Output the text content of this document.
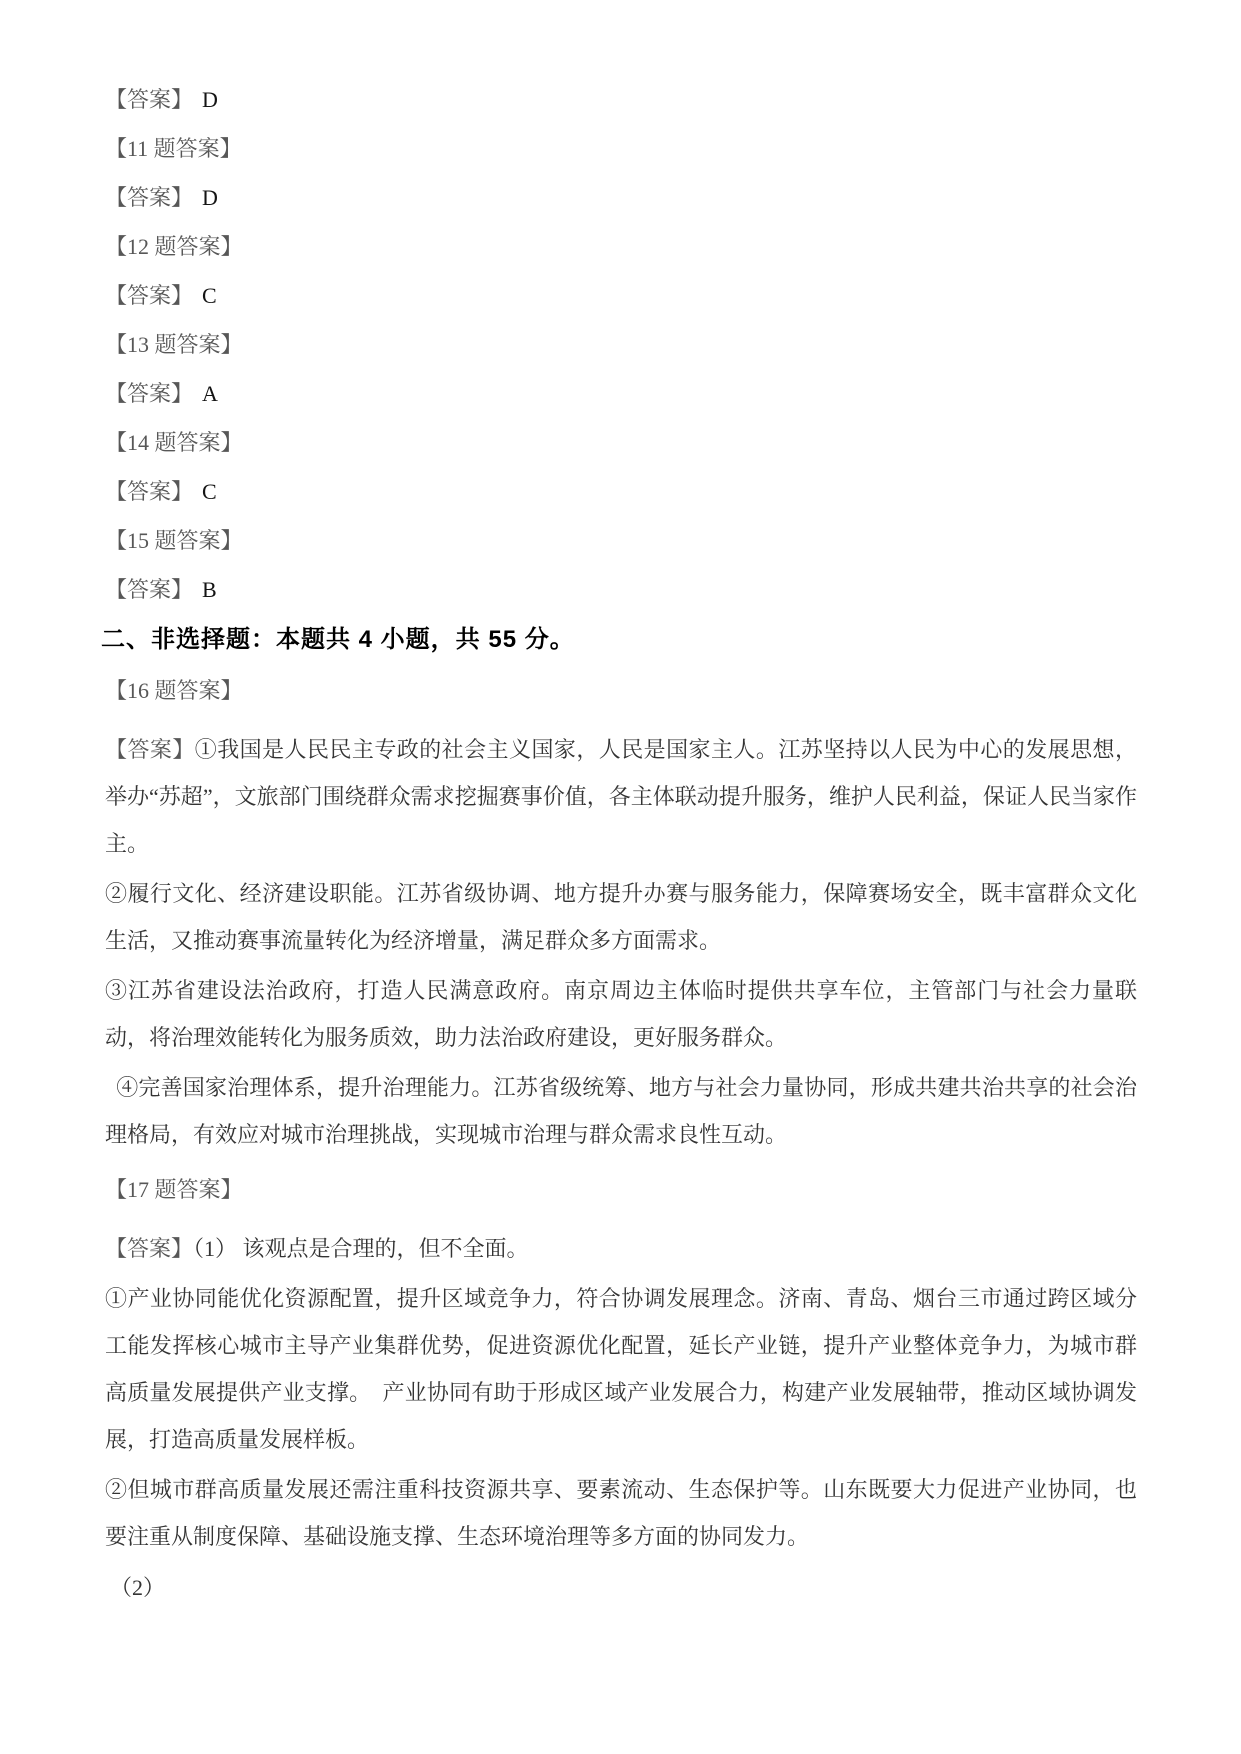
【答案】 D

【11 题答案】

【答案】 D

【12 题答案】

【答案】 C

【13 题答案】

【答案】 A

【14 题答案】

【答案】 C

【15 题答案】

【答案】 B

二、非选择题：本题共 4 小题，共 55 分。

【16 题答案】

【答案】①我国是人民民主专政的社会主义国家，人民是国家主人。江苏坚持以人民为中心的发展思想，举办“苏超”，文旅部门围绕群众需求挖掘赛事价值，各主体联动提升服务，维护人民利益，保证人民当家作主。

②履行文化、经济建设职能。江苏省级协调、地方提升办赛与服务能力，保障赛场安全，既丰富群众文化生活，又推动赛事流量转化为经济增量，满足群众多方面需求。

③江苏省建设法治政府，打造人民满意政府。南京周边主体临时提供共享车位，主管部门与社会力量联动，将治理效能转化为服务质效，助力法治政府建设，更好服务群众。

 ④完善国家治理体系，提升治理能力。江苏省级统筹、地方与社会力量协同，形成共建共治共享的社会治理格局，有效应对城市治理挑战，实现城市治理与群众需求良性互动。

【17 题答案】

【答案】（1） 该观点是合理的，但不全面。

①产业协同能优化资源配置，提升区域竞争力，符合协调发展理念。济南、青岛、烟台三市通过跨区域分工能发挥核心城市主导产业集群优势，促进资源优化配置，延长产业链，提升产业整体竞争力，为城市群高质量发展提供产业支撑。　产业协同有助于形成区域产业发展合力，构建产业发展轴带，推动区域协调发展，打造高质量发展样板。

②但城市群高质量发展还需注重科技资源共享、要素流动、生态保护等。山东既要大力促进产业协同，也要注重从制度保障、基础设施支撑、生态环境治理等多方面的协同发力。

（2）
